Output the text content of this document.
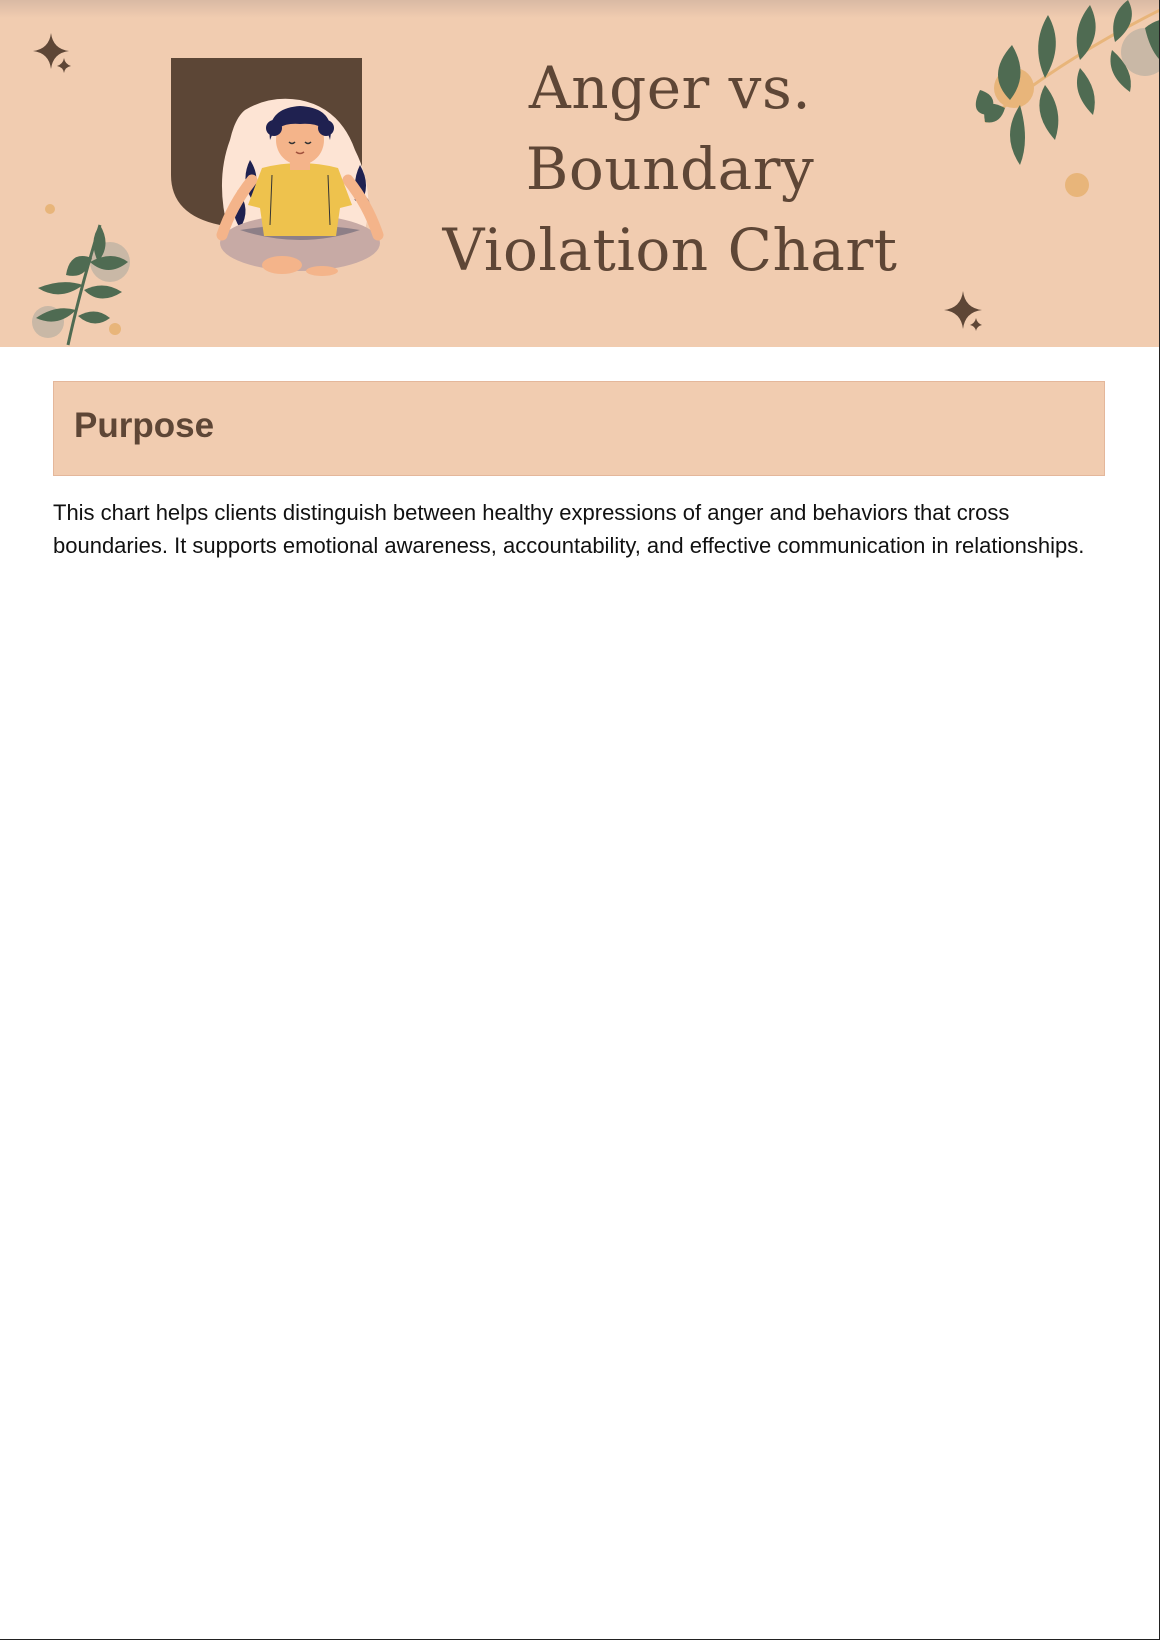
Anger vs.
Boundary
Violation Chart
Purpose

This chart helps clients distinguish between healthy expressions of anger and behaviors that cross boundaries. It supports emotional awareness, accountability, and effective communication in relationships.
